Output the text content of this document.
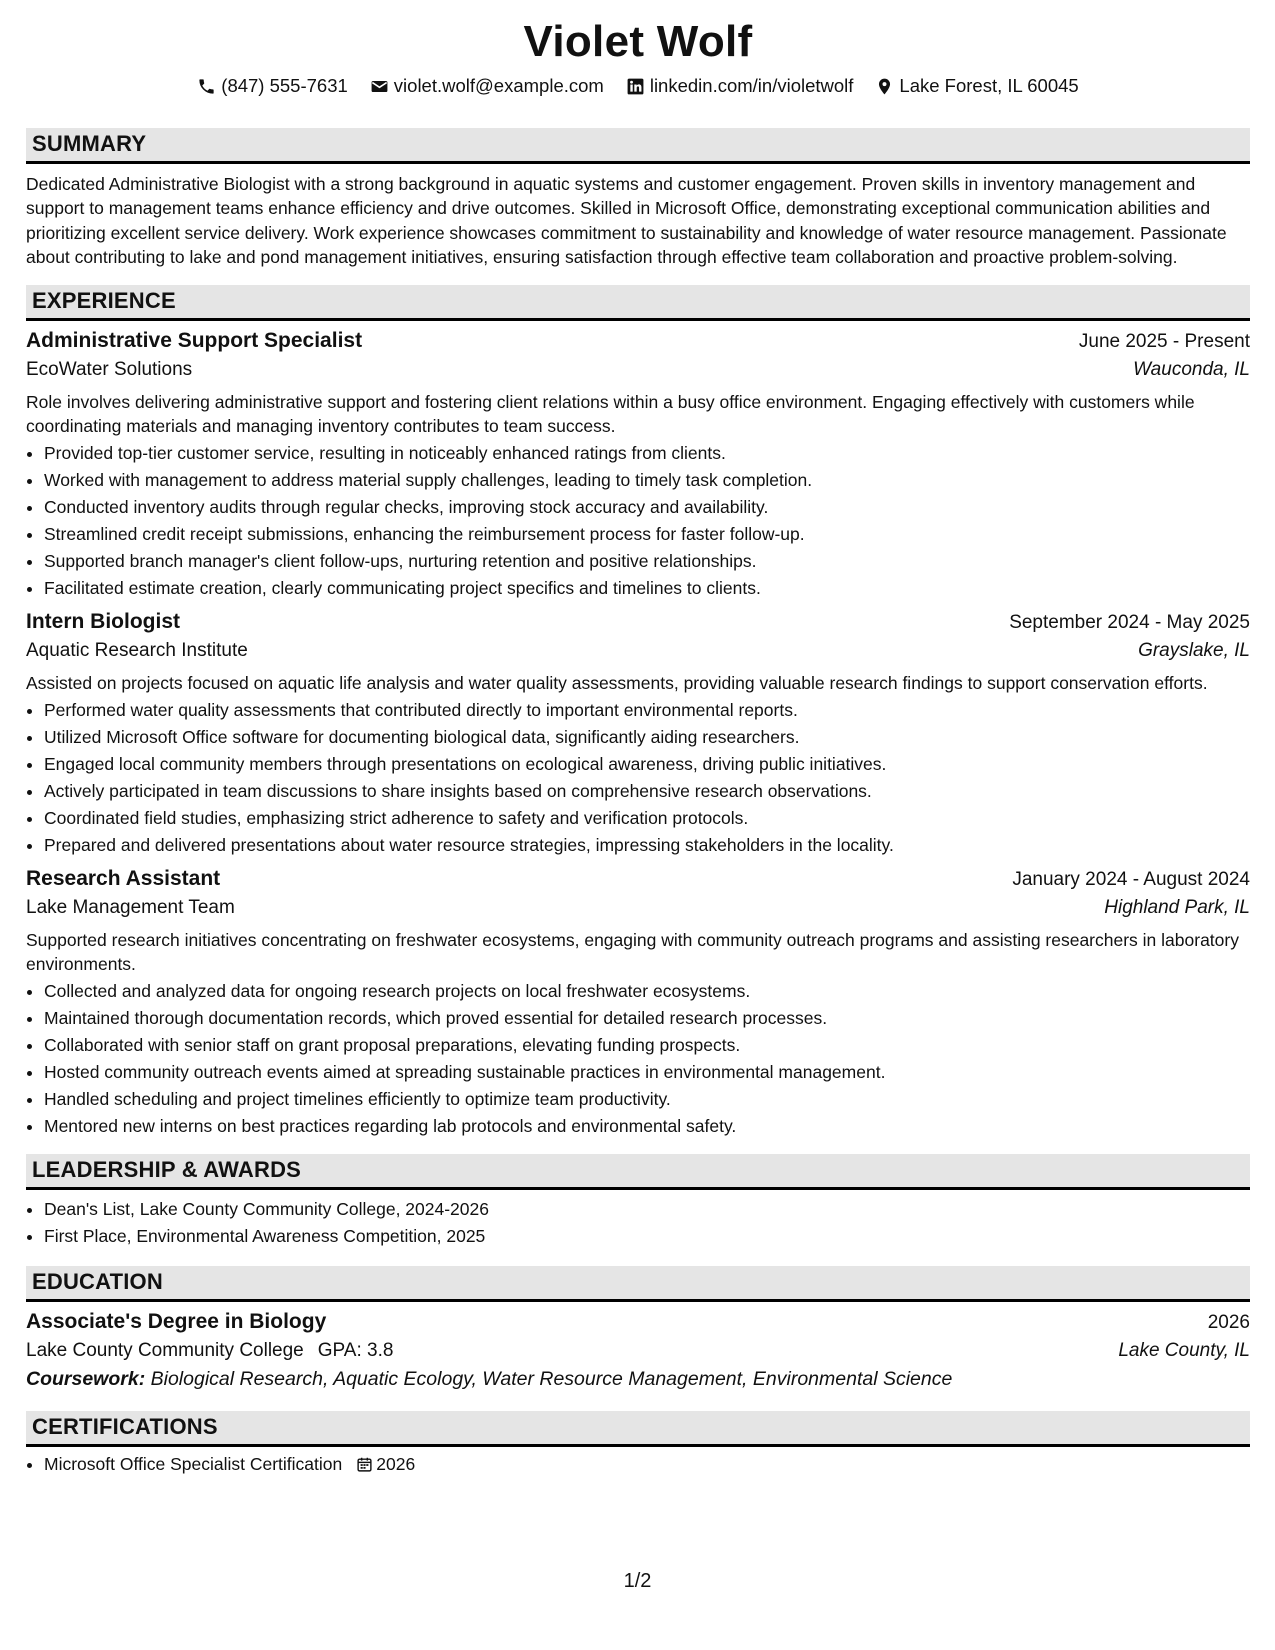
Violet Wolf
(847) 555-7631 violet.wolf@example.com linkedin.com/in/violetwolf Lake Forest, IL 60045
SUMMARY
Dedicated Administrative Biologist with a strong background in aquatic systems and customer engagement. Proven skills in inventory management and support to management teams enhance efficiency and drive outcomes. Skilled in Microsoft Office, demonstrating exceptional communication abilities and prioritizing excellent service delivery. Work experience showcases commitment to sustainability and knowledge of water resource management. Passionate about contributing to lake and pond management initiatives, ensuring satisfaction through effective team collaboration and proactive problem-solving.
EXPERIENCE
Administrative Support Specialist	June 2025 - Present
EcoWater Solutions	Wauconda, IL
Role involves delivering administrative support and fostering client relations within a busy office environment. Engaging effectively with customers while coordinating materials and managing inventory contributes to team success.
• Provided top-tier customer service, resulting in noticeably enhanced ratings from clients.
• Worked with management to address material supply challenges, leading to timely task completion.
• Conducted inventory audits through regular checks, improving stock accuracy and availability.
• Streamlined credit receipt submissions, enhancing the reimbursement process for faster follow-up.
• Supported branch manager's client follow-ups, nurturing retention and positive relationships.
• Facilitated estimate creation, clearly communicating project specifics and timelines to clients.
Intern Biologist	September 2024 - May 2025
Aquatic Research Institute	Grayslake, IL
Assisted on projects focused on aquatic life analysis and water quality assessments, providing valuable research findings to support conservation efforts.
• Performed water quality assessments that contributed directly to important environmental reports.
• Utilized Microsoft Office software for documenting biological data, significantly aiding researchers.
• Engaged local community members through presentations on ecological awareness, driving public initiatives.
• Actively participated in team discussions to share insights based on comprehensive research observations.
• Coordinated field studies, emphasizing strict adherence to safety and verification protocols.
• Prepared and delivered presentations about water resource strategies, impressing stakeholders in the locality.
Research Assistant	January 2024 - August 2024
Lake Management Team	Highland Park, IL
Supported research initiatives concentrating on freshwater ecosystems, engaging with community outreach programs and assisting researchers in laboratory environments.
• Collected and analyzed data for ongoing research projects on local freshwater ecosystems.
• Maintained thorough documentation records, which proved essential for detailed research processes.
• Collaborated with senior staff on grant proposal preparations, elevating funding prospects.
• Hosted community outreach events aimed at spreading sustainable practices in environmental management.
• Handled scheduling and project timelines efficiently to optimize team productivity.
• Mentored new interns on best practices regarding lab protocols and environmental safety.
LEADERSHIP & AWARDS
• Dean's List, Lake County Community College, 2024-2026
• First Place, Environmental Awareness Competition, 2025
EDUCATION
Associate's Degree in Biology	2026
Lake County Community College GPA: 3.8	Lake County, IL
Coursework: Biological Research, Aquatic Ecology, Water Resource Management, Environmental Science
CERTIFICATIONS
• Microsoft Office Specialist Certification 2026
1/2
